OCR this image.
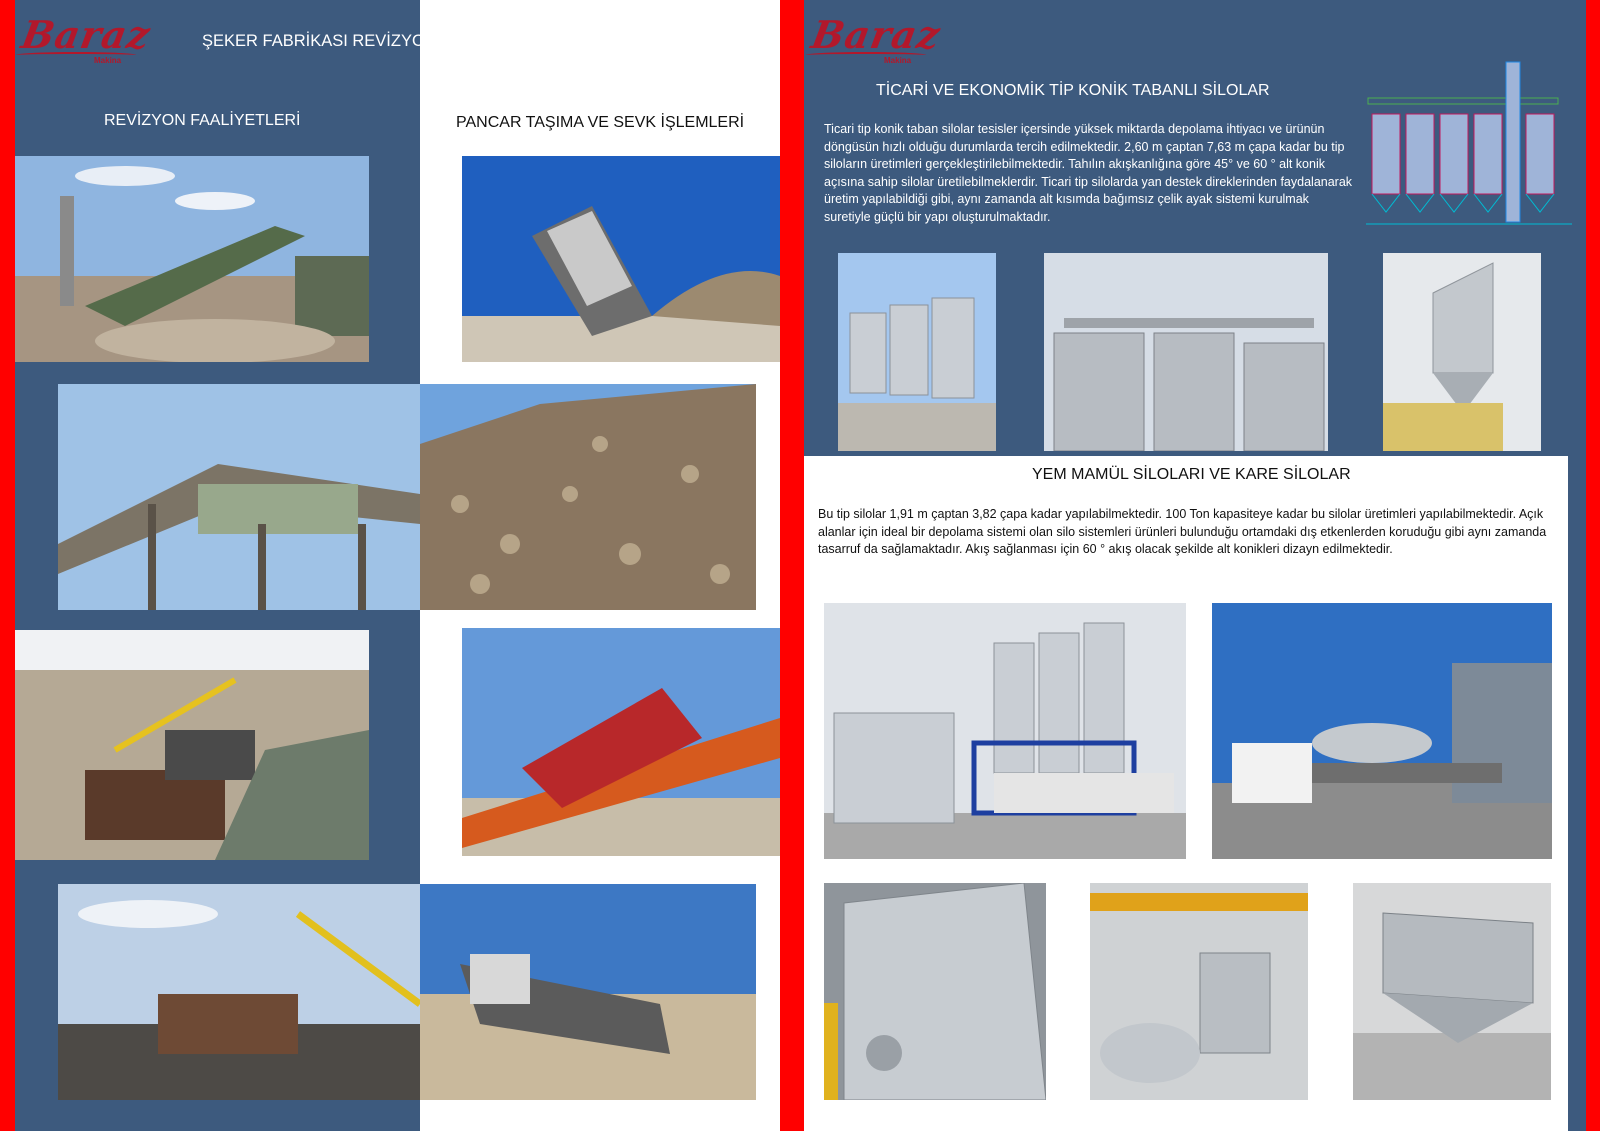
Baraz
Makina
ŞEKER FABRİKASI REVİZYON VE PANCAR SEVK FAALİYETLERİ
REVİZYON FAALİYETLERİ	PANCAR TAŞIMA VE SEVK İŞLEMLERİ
Baraz
Makina
TİCARİ VE EKONOMİK TİP KONİK TABANLI SİLOLAR
Ticari tip konik taban silolar tesisler içersinde yüksek miktarda depolama ihtiyacı ve ürünün döngüsün hızlı olduğu durumlarda tercih edilmektedir. 2,60 m çaptan 7,63 m çapa kadar bu tip siloların üretimleri gerçekleştirilebilmektedir. Tahılın akışkanlığına göre 45° ve 60 ° alt konik açısına sahip silolar üretilebilmeklerdir. Ticari tip silolarda yan destek direklerinden faydalanarak üretim yapılabildiği gibi, aynı zamanda alt kısımda bağımsız çelik ayak sistemi kurulmak suretiyle güçlü bir yapı oluşturulmaktadır.
YEM MAMÜL SİLOLARI VE KARE SİLOLAR
Bu tip silolar 1,91 m çaptan 3,82 çapa kadar yapılabilmektedir. 100 Ton kapasiteye kadar bu silolar üretimleri yapılabilmektedir. Açık alanlar için ideal bir depolama sistemi olan silo sistemleri ürünleri bulunduğu ortamdaki dış etkenlerden koruduğu gibi aynı zamanda tasarruf da sağlamaktadır. Akış sağlanması için 60 ° akış olacak şekilde alt konikleri dizayn edilmektedir.
